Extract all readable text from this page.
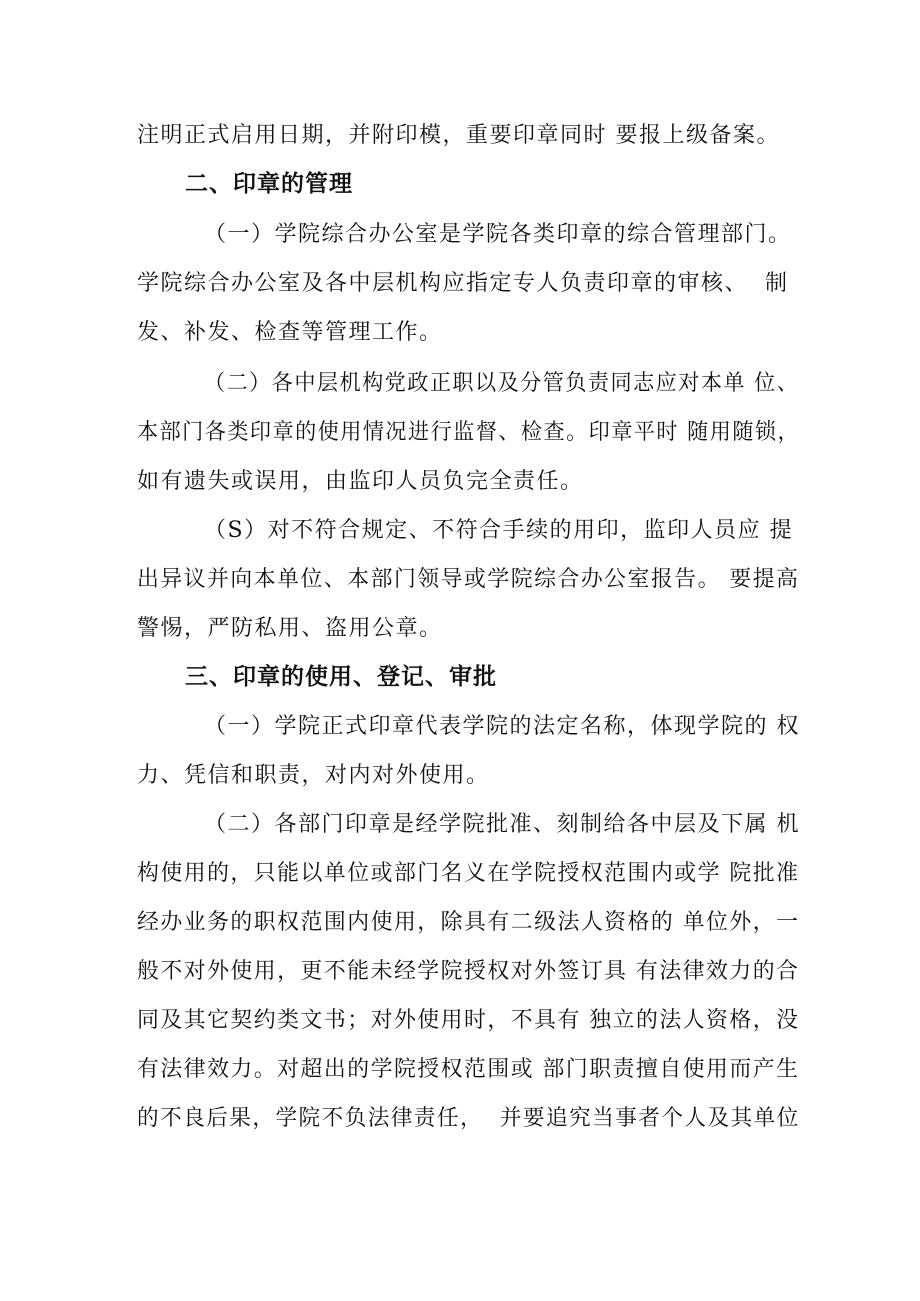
注明正式启用日期，并附印模，重要印章同时 要报上级备案。
二、印章的管理
（一）学院综合办公室是学院各类印章的综合管理部门。
学院综合办公室及各中层机构应指定专人负责印章的审核、  制
发、补发、检查等管理工作。
（二）各中层机构党政正职以及分管负责同志应对本单 位、
本部门各类印章的使用情况进行监督、检查。印章平时 随用随锁，
如有遗失或误用，由监印人员负完全责任。
（S）对不符合规定、不符合手续的用印，监印人员应 提
出异议并向本单位、本部门领导或学院综合办公室报告。 要提高
警惕，严防私用、盗用公章。
三、印章的使用、登记、审批
（一）学院正式印章代表学院的法定名称，体现学院的 权
力、凭信和职责，对内对外使用。
（二）各部门印章是经学院批准、刻制给各中层及下属 机
构使用的，只能以单位或部门名义在学院授权范围内或学 院批准
经办业务的职权范围内使用，除具有二级法人资格的 单位外，一
般不对外使用，更不能未经学院授权对外签订具 有法律效力的合
同及其它契约类文书；对外使用时，不具有 独立的法人资格，没
有法律效力。对超出的学院授权范围或 部门职责擅自使用而产生
的不良后果，学院不负法律责任，  并要追究当事者个人及其单位
